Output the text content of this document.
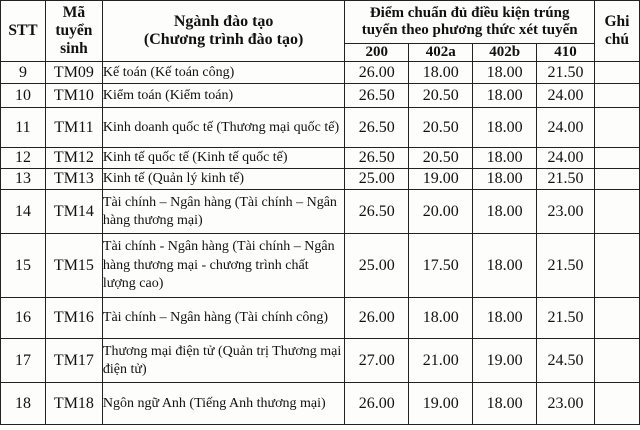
STT	Mã
tuyển
sinh	Ngành đào tạo
(Chương trình đào tạo)	Điểm chuẩn đủ điều kiện trúng
tuyển theo phương thức xét tuyển				Ghi
chú

			200	402a	402b	410	
9	TM09	Kế toán (Kế toán công)	26.00	18.00	18.00	21.50	
10	TM10	Kiểm toán (Kiểm toán)	26.50	20.50	18.00	24.00	
11	TM11	Kinh doanh quốc tế (Thương mại quốc tế)	26.50	20.50	18.00	24.00	
12	TM12	Kinh tế quốc tế (Kinh tế quốc tế)	26.50	20.50	18.00	24.00	
13	TM13	Kinh tế (Quản lý kinh tế)	25.00	19.00	18.00	21.50	
14	TM14	Tài chính – Ngân hàng (Tài chính – Ngân hàng thương mại)	26.50	20.00	18.00	23.00	
15	TM15	Tài chính - Ngân hàng (Tài chính – Ngân hàng thương mại - chương trình chất lượng cao)	25.00	17.50	18.00	21.50	
16	TM16	Tài chính – Ngân hàng (Tài chính công)	26.00	18.00	18.00	21.50	
17	TM17	Thương mại điện tử (Quản trị Thương mại điện tử)	27.00	21.00	19.00	24.50	
18	TM18	Ngôn ngữ Anh (Tiếng Anh thương mại)	26.00	19.00	18.00	23.00	
